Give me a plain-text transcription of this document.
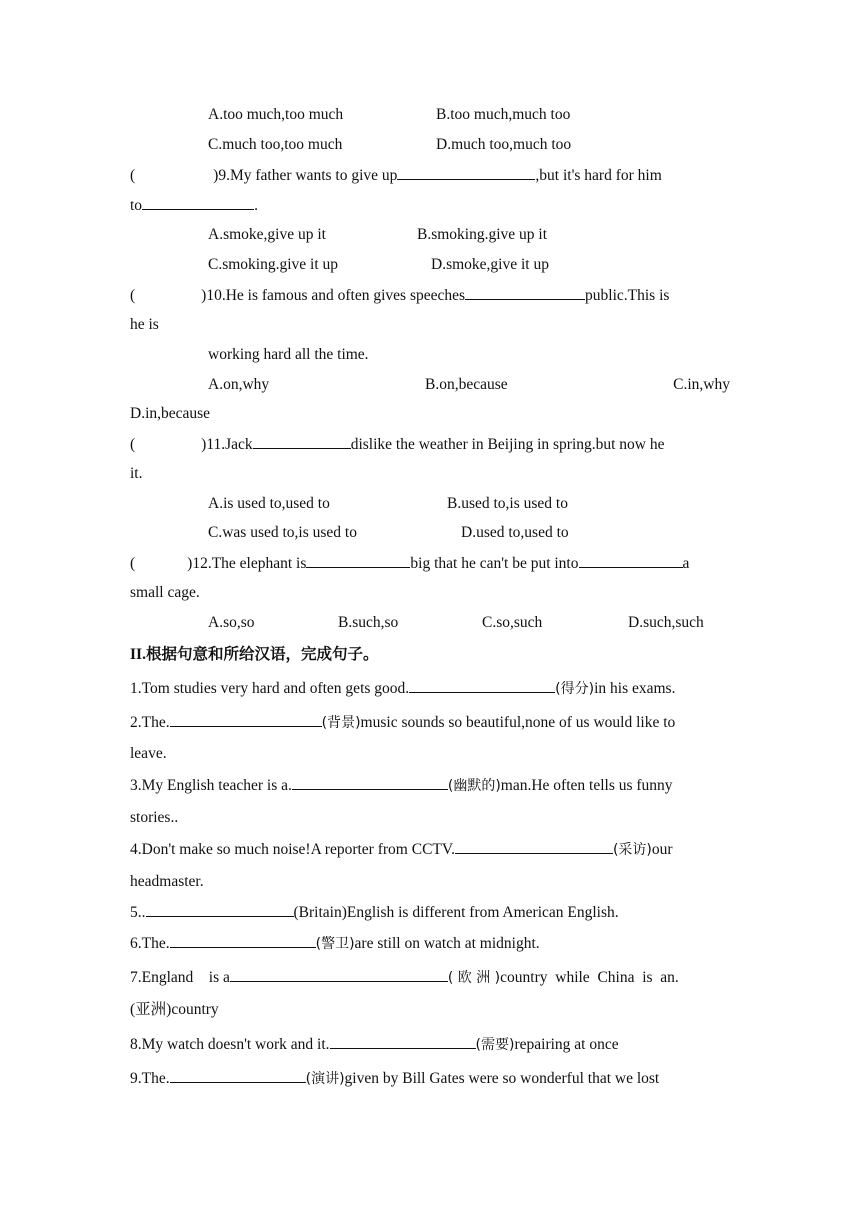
A.too much,too much	B.too much,much too
C.much too,too much	D.much too,much too
(	)9.My father wants to give up	,but it's hard for him
to	.
A.smoke,give up it	B.smoking.give up it
C.smoking.give it up	D.smoke,give it up
(	)10.He is famous and often gives speeches	public.This is
he is
working hard all the time.
A.on,why	B.on,because	C.in,why
D.in,because
(	)11.Jack	dislike the weather in Beijing in spring.but now he
it.
A.is used to,used to	B.used to,is used to
C.was used to,is used to	D.used to,used to
(	)12.The elephant is	big that he can't be put into	a
small cage.
A.so,so	B.such,so	C.so,such	D.such,such
II.根据句意和所给汉语，完成句子。
1.Tom studies very hard and often gets good.	(得分)in his exams.
2.The.	(背景)music sounds so beautiful,none of us would like to
leave.
3.My English teacher is a.	(幽默的)man.He often tells us funny
stories..
4.Don't make so much noise!A reporter from CCTV.	(采访)our
headmaster.
5..	(Britain)English is different from American English.
6.The.	(警卫)are still on watch at midnight.
7.England    is a	( 欧 洲 )country  while  China  is  an.
(亚洲)country
8.My watch doesn't work and it.	(需要)repairing at once
9.The.	(演讲)given by Bill Gates were so wonderful that we lost
